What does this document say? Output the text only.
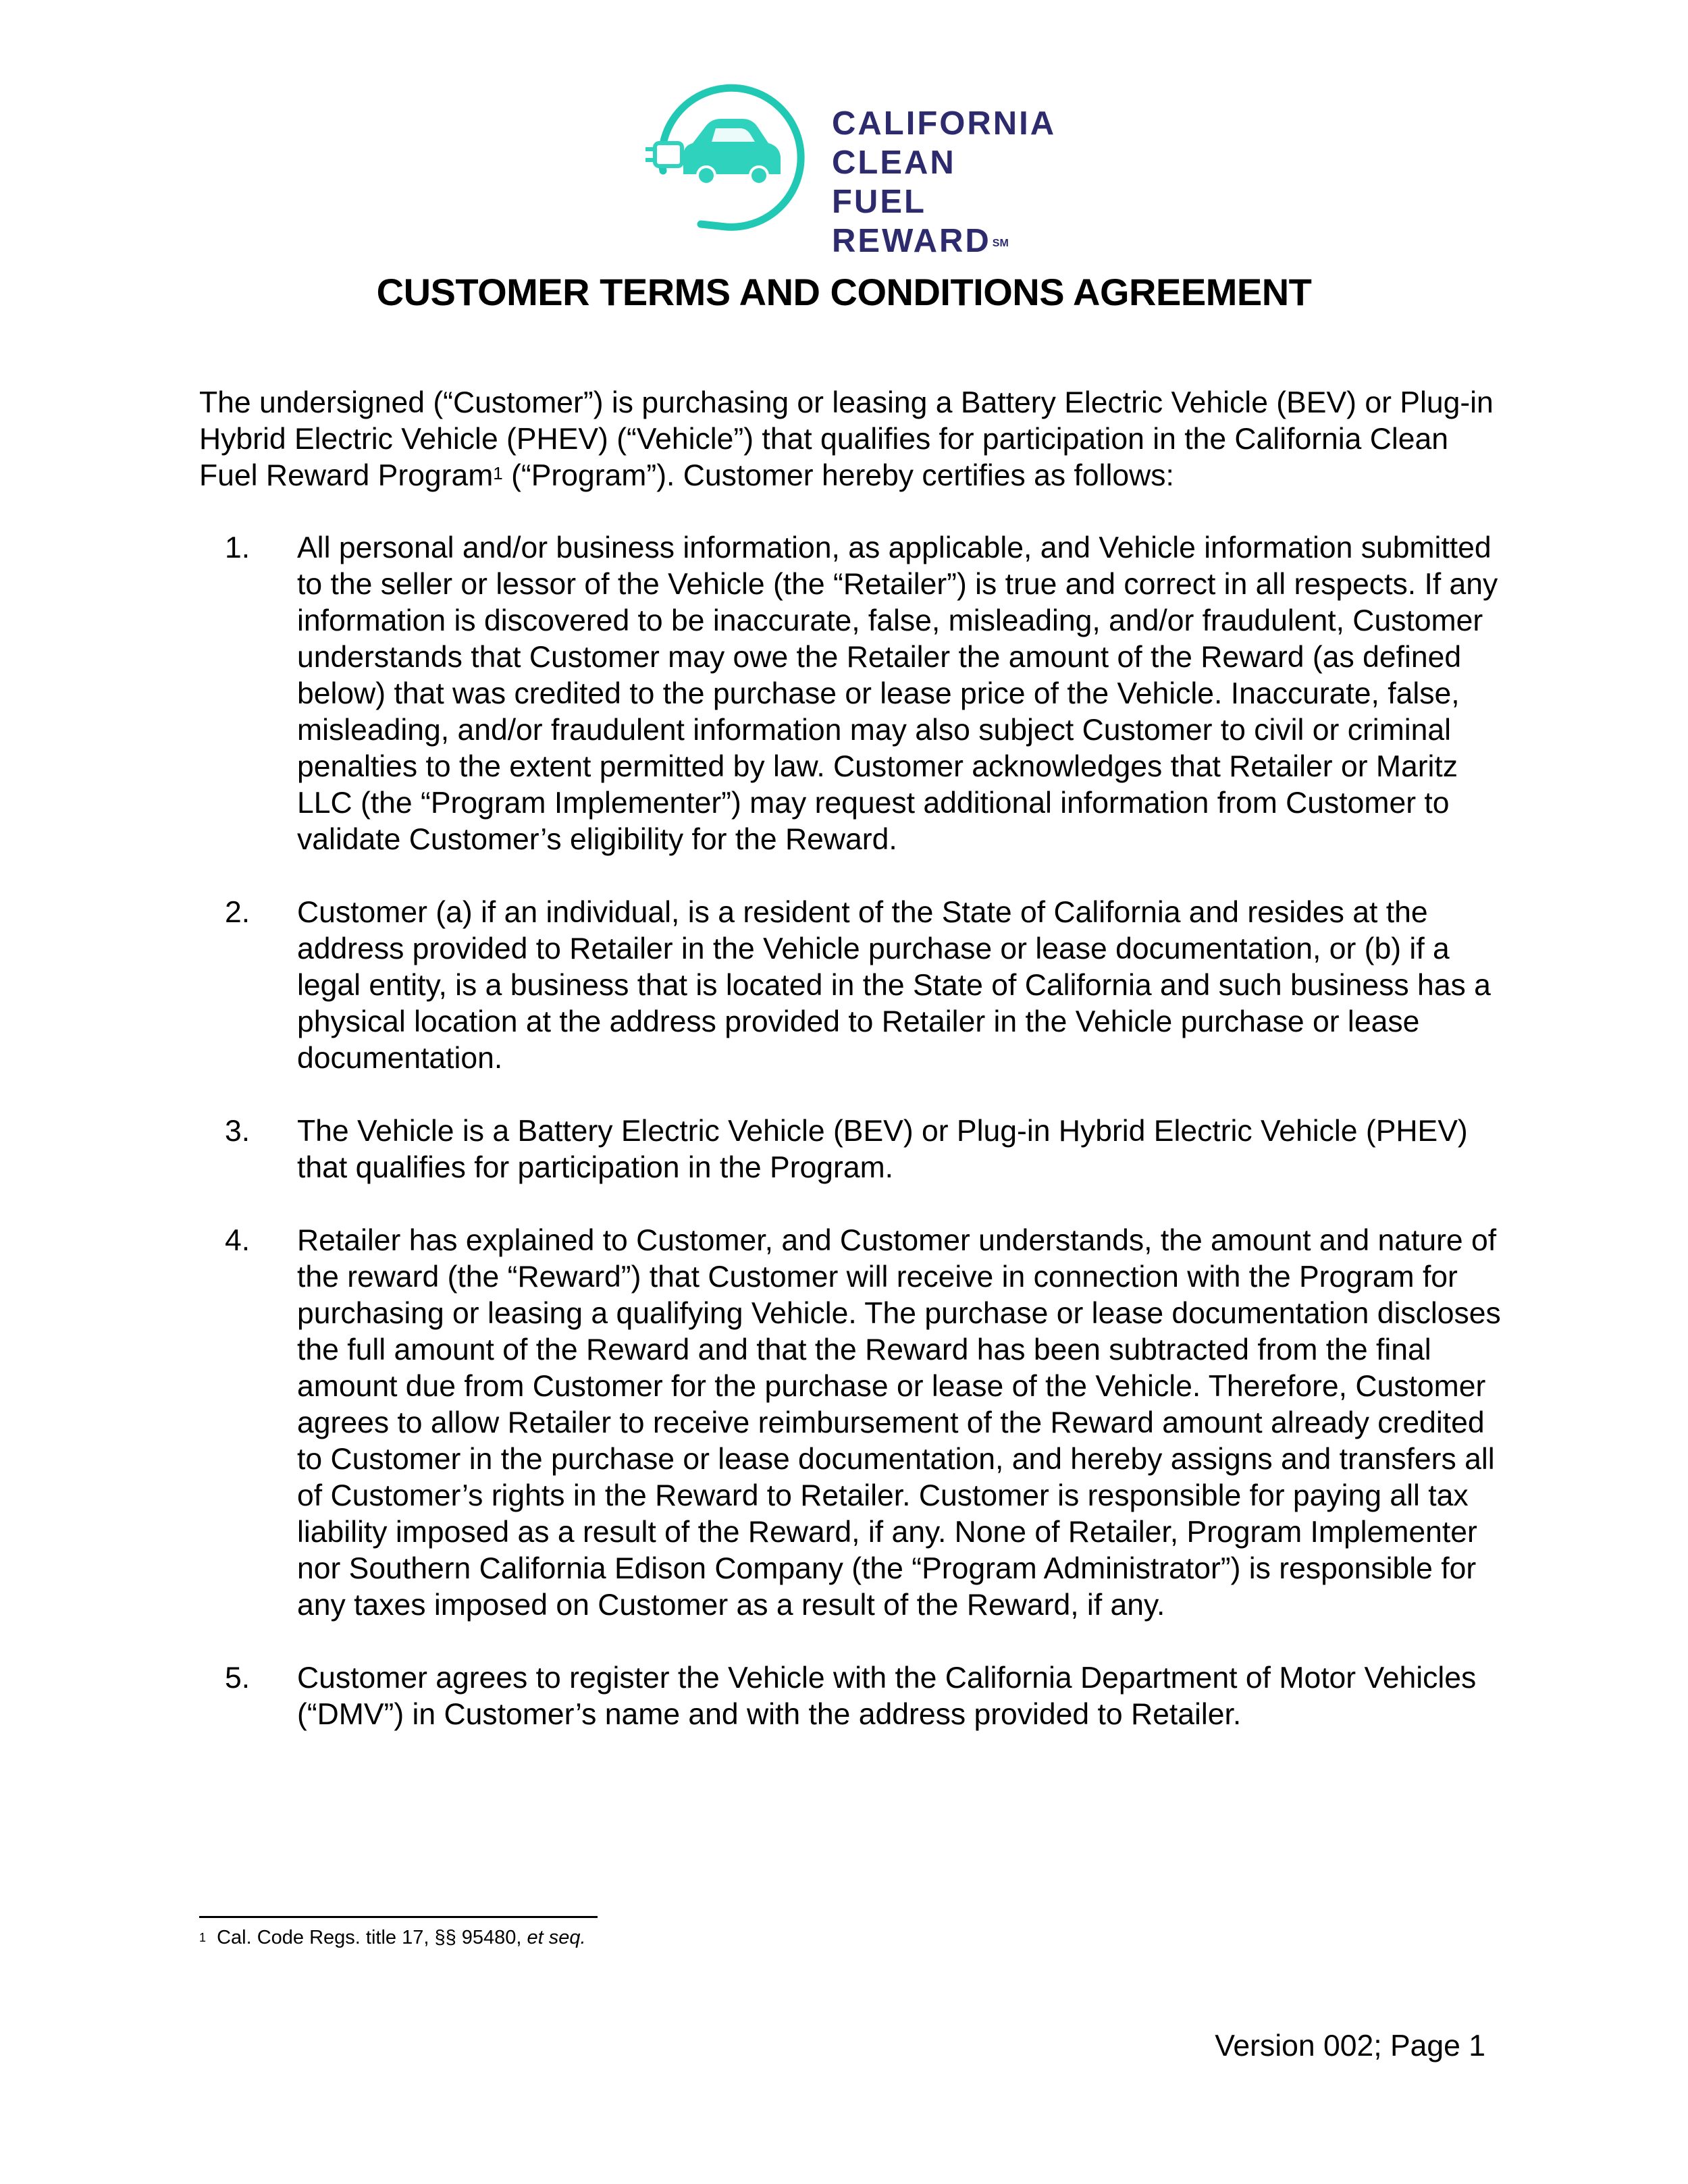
CALIFORNIA
CLEAN FUEL
REWARD ℠
CUSTOMER TERMS AND CONDITIONS AGREEMENT

The undersigned (“Customer”) is purchasing or leasing a Battery Electric Vehicle (BEV) or Plug-in Hybrid Electric Vehicle (PHEV) (“Vehicle”) that qualifies for participation in the California Clean Fuel Reward Program$^1$ (“Program”). Customer hereby certifies as follows:

1. All personal and/or business information, as applicable, and Vehicle information submitted to the seller or lessor of the Vehicle (the “Retailer”) is true and correct in all respects. If any information is discovered to be inaccurate, false, misleading, and/or fraudulent, Customer understands that Customer may owe the Retailer the amount of the Reward (as defined below) that was credited to the purchase or lease price of the Vehicle. Inaccurate, false, misleading, and/or fraudulent information may also subject Customer to civil or criminal penalties to the extent permitted by law. Customer acknowledges that Retailer or Maritz LLC (the “Program Implementer”) may request additional information from Customer to validate Customer’s eligibility for the Reward.
2. Customer (a) if an individual, is a resident of the State of California and resides at the address provided to Retailer in the Vehicle purchase or lease documentation, or (b) if a legal entity, is a business that is located in the State of California and such business has a physical location at the address provided to Retailer in the Vehicle purchase or lease documentation.
3. The Vehicle is a Battery Electric Vehicle (BEV) or Plug-in Hybrid Electric Vehicle (PHEV) that qualifies for participation in the Program.
4. Retailer has explained to Customer, and Customer understands, the amount and nature of the reward (the “Reward”) that Customer will receive in connection with the Program for purchasing or leasing a qualifying Vehicle. The purchase or lease documentation discloses the full amount of the Reward and that the Reward has been subtracted from the final amount due from Customer for the purchase or lease of the Vehicle. Therefore, Customer agrees to allow Retailer to receive reimbursement of the Reward amount already credited to Customer in the purchase or lease documentation, and hereby assigns and transfers all of Customer’s rights in the Reward to Retailer. Customer is responsible for paying all tax liability imposed as a result of the Reward, if any. None of Retailer, Program Implementer nor Southern California Edison Company (the “Program Administrator”) is responsible for any taxes imposed on Customer as a result of the Reward, if any.
5. Customer agrees to register the Vehicle with the California Department of Motor Vehicles (“DMV”) in Customer’s name and with the address provided to Retailer.

$^1$ Cal. Code Regs. title 17, §§ 95480, et seq.

Version 002; Page 1
